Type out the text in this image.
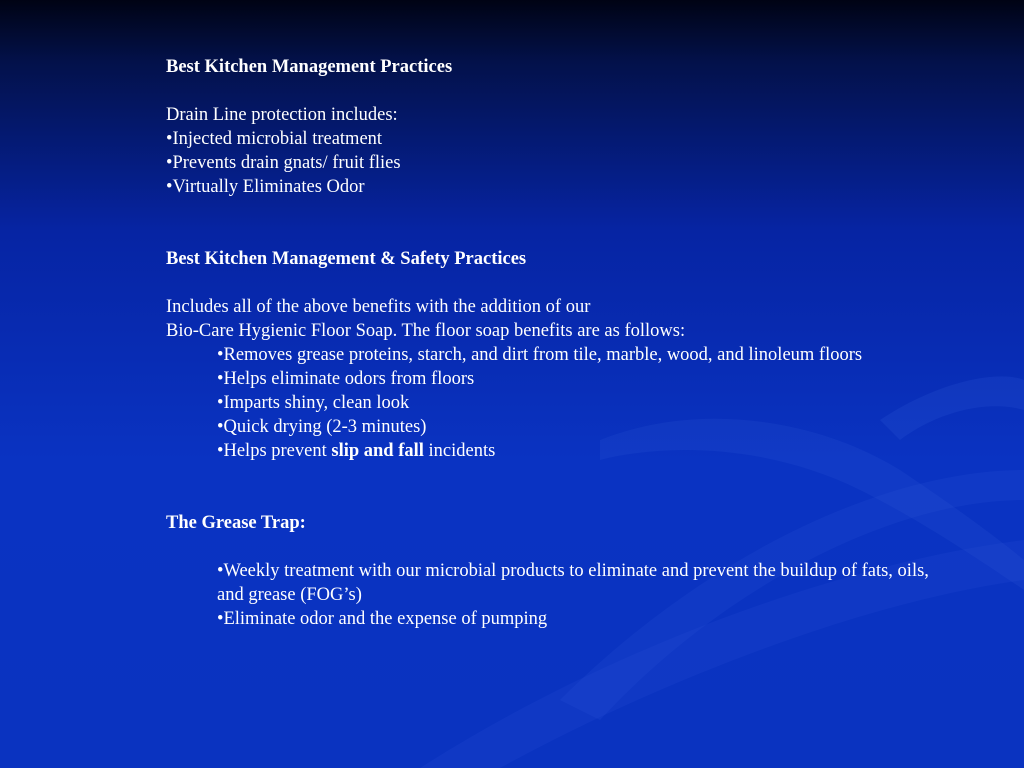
Best Kitchen Management Practices
Drain Line protection includes:
•Injected microbial treatment
•Prevents drain gnats/ fruit flies
•Virtually Eliminates Odor
Best Kitchen Management & Safety Practices
Includes all of the above benefits with the addition of our
Bio-Care Hygienic Floor Soap. The floor soap benefits are as follows:
•Removes grease proteins, starch, and dirt from tile, marble, wood, and linoleum floors
•Helps eliminate odors from floors
•Imparts shiny, clean look
•Quick drying (2-3 minutes)
•Helps prevent slip and fall incidents
The Grease Trap:
•Weekly treatment with our microbial products to eliminate and prevent the buildup of fats, oils, and grease (FOG’s)
•Eliminate odor and the expense of pumping
